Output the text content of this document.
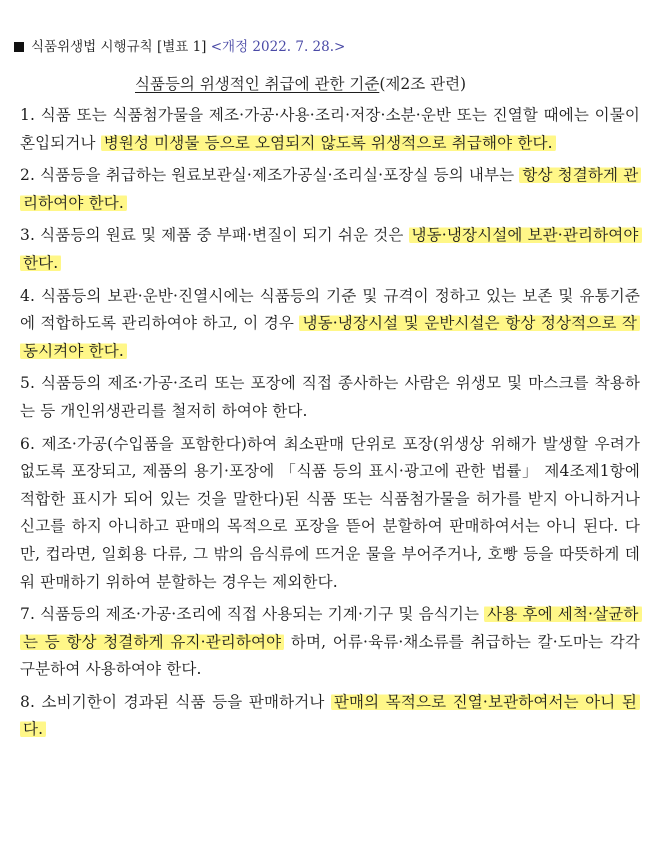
식품위생법 시행규칙 [별표 1] <개정 2022. 7. 28.>
식품등의 위생적인 취급에 관한 기준(제2조 관련)

1. 식품 또는 식품첨가물을 제조·가공·사용·조리·저장·소분·운반 또는 진열할 때에는 이물이 혼입되거나 병원성 미생물 등으로 오염되지 않도록 위생적으로 취급해야 한다.

2. 식품등을 취급하는 원료보관실·제조가공실·조리실·포장실 등의 내부는 항상 청결하게 관리하여야 한다.

3. 식품등의 원료 및 제품 중 부패·변질이 되기 쉬운 것은 냉동·냉장시설에 보관·관리하여야 한다.

4. 식품등의 보관·운반·진열시에는 식품등의 기준 및 규격이 정하고 있는 보존 및 유통기준에 적합하도록 관리하여야 하고, 이 경우 냉동·냉장시설 및 운반시설은 항상 정상적으로 작동시켜야 한다.

5. 식품등의 제조·가공·조리 또는 포장에 직접 종사하는 사람은 위생모 및 마스크를 착용하는 등 개인위생관리를 철저히 하여야 한다.

6. 제조·가공(수입품을 포함한다)하여 최소판매 단위로 포장(위생상 위해가 발생할 우려가 없도록 포장되고, 제품의 용기·포장에 「식품 등의 표시·광고에 관한 법률」 제4조제1항에 적합한 표시가 되어 있는 것을 말한다)된 식품 또는 식품첨가물을 허가를 받지 아니하거나 신고를 하지 아니하고 판매의 목적으로 포장을 뜯어 분할하여 판매하여서는 아니 된다. 다만, 컵라면, 일회용 다류, 그 밖의 음식류에 뜨거운 물을 부어주거나, 호빵 등을 따뜻하게 데워 판매하기 위하여 분할하는 경우는 제외한다.

7. 식품등의 제조·가공·조리에 직접 사용되는 기계·기구 및 음식기는 사용 후에 세척·살균하는 등 항상 청결하게 유지·관리하여야 하며, 어류·육류·채소류를 취급하는 칼·도마는 각각 구분하여 사용하여야 한다.

8. 소비기한이 경과된 식품 등을 판매하거나 판매의 목적으로 진열·보관하여서는 아니 된다.
